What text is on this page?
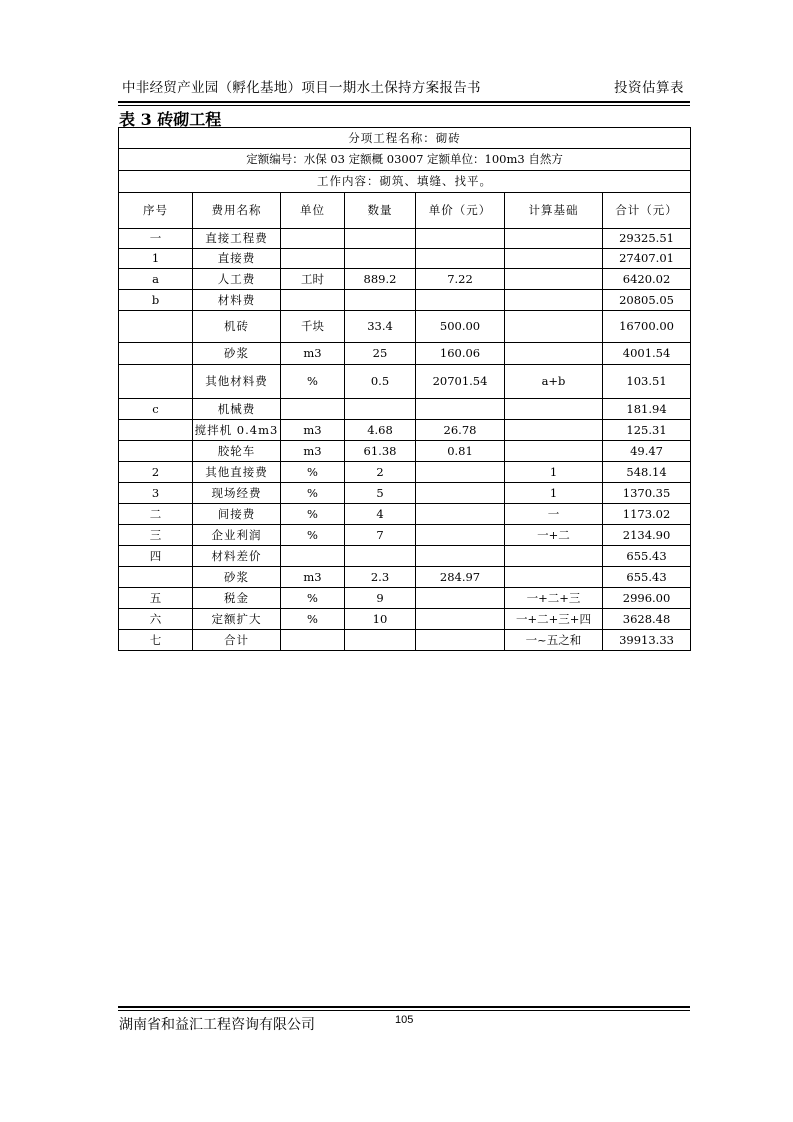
中非经贸产业园（孵化基地）项目一期水土保持方案报告书	投资估算表
表 3 砖砌工程
分项工程名称：砌砖						
定额编号：水保 03 定额概 03007 定额单位：100m3 自然方						
工作内容：砌筑、填缝、找平。						
序号	费用名称	单位	数量	单价（元）	计算基础	合计（元）
一	直接工程费					29325.51
1	直接费					27407.01
a	人工费	工时	889.2	7.22		6420.02
b	材料费					20805.05
	机砖	千块	33.4	500.00		16700.00
	砂浆	m3	25	160.06		4001.54
	其他材料费	%	0.5	20701.54	a+b	103.51
c	机械费					181.94
	搅拌机 0.4m3	m3	4.68	26.78		125.31
	胶轮车	m3	61.38	0.81		49.47
2	其他直接费	%	2		1	548.14
3	现场经费	%	5		1	1370.35
二	间接费	%	4		一	1173.02
三	企业利润	%	7		一+二	2134.90
四	材料差价					655.43
	砂浆	m3	2.3	284.97		655.43
五	税金	%	9		一+二+三	2996.00
六	定额扩大	%	10		一+二+三+四	3628.48
七	合计				一~五之和	39913.33
湖南省和益汇工程咨询有限公司	105
